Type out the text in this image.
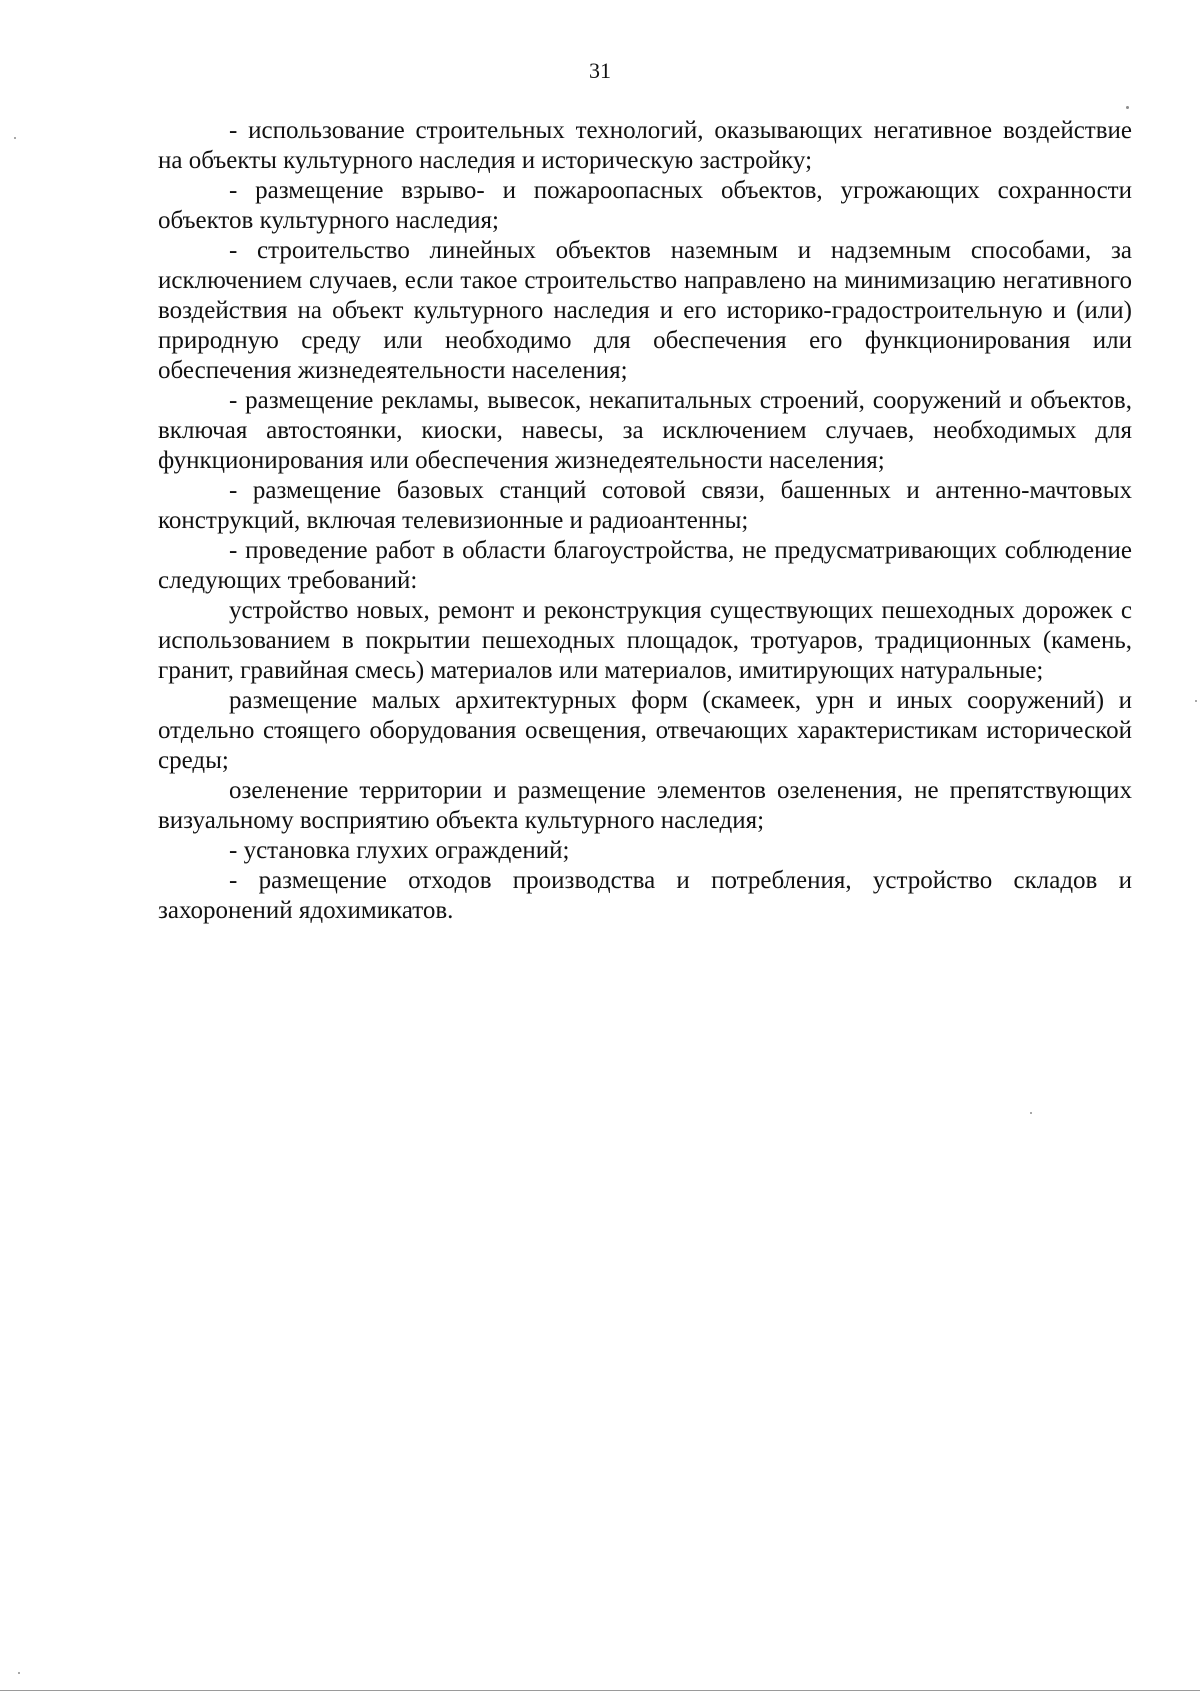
31

- использование строительных технологий, оказывающих негативное воздействие на объекты культурного наследия и историческую застройку;

- размещение взрыво- и пожароопасных объектов, угрожающих сохранности объектов культурного наследия;

- строительство линейных объектов наземным и надземным способами, за исключением случаев, если такое строительство направлено на минимизацию негативного воздействия на объект культурного наследия и его историко-градостроительную и (или) природную среду или необходимо для обеспечения его функционирования или обеспечения жизнедеятельности населения;

- размещение рекламы, вывесок, некапитальных строений, сооружений и объектов, включая автостоянки, киоски, навесы, за исключением случаев, необходимых для функционирования или обеспечения жизнедеятельности населения;

- размещение базовых станций сотовой связи, башенных и антенно-мачтовых конструкций, включая телевизионные и радиоантенны;

- проведение работ в области благоустройства, не предусматривающих соблюдение следующих требований:

устройство новых, ремонт и реконструкция существующих пешеходных дорожек с использованием в покрытии пешеходных площадок, тротуаров, традиционных (камень, гранит, гравийная смесь) материалов или материалов, имитирующих натуральные;

размещение малых архитектурных форм (скамеек, урн и иных сооружений) и отдельно стоящего оборудования освещения, отвечающих характеристикам исторической среды;

озеленение территории и размещение элементов озеленения, не препятствующих визуальному восприятию объекта культурного наследия;

- установка глухих ограждений;

- размещение отходов производства и потребления, устройство складов и захоронений ядохимикатов.
